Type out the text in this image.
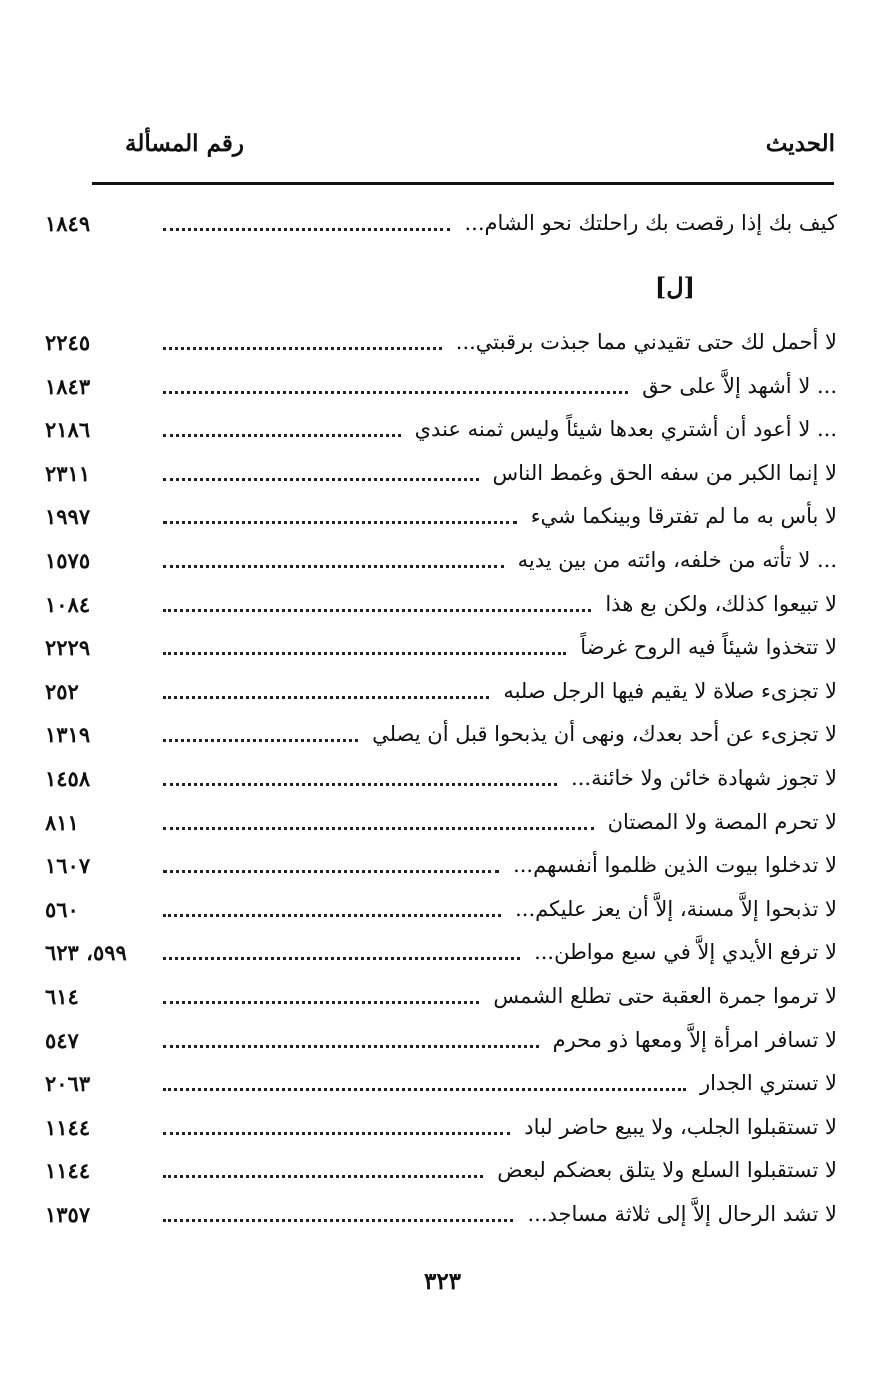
الحديث
رقم المسألة
كيف بك إذا رقصت بك راحلتك نحو الشام...
١٨٤٩
[ل]
لا أحمل لك حتى تقيدني مما جبذت برقبتي...
٢٢٤٥
... لا أشهد إلاَّ على حق
١٨٤٣
... لا أعود أن أشتري بعدها شيئاً وليس ثمنه عندي
٢١٨٦
لا إنما الكبر من سفه الحق وغمط الناس
٢٣١١
لا بأس به ما لم تفترقا وبينكما شيء
١٩٩٧
... لا تأته من خلفه، وائته من بين يديه
١٥٧٥
لا تبيعوا كذلك، ولكن بع هذا
١٠٨٤
لا تتخذوا شيئاً فيه الروح غرضاً
٢٢٢٩
لا تجزىء صلاة لا يقيم فيها الرجل صلبه
٢٥٢
لا تجزىء عن أحد بعدك، ونهى أن يذبحوا قبل أن يصلي
١٣١٩
لا تجوز شهادة خائن ولا خائنة...
١٤٥٨
لا تحرم المصة ولا المصتان
٨١١
لا تدخلوا بيوت الذين ظلموا أنفسهم...
١٦٠٧
لا تذبحوا إلاَّ مسنة، إلاَّ أن يعز عليكم...
٥٦٠
لا ترفع الأيدي إلاَّ في سبع مواطن...
٥٩٩، ٦٢٣
لا ترموا جمرة العقبة حتى تطلع الشمس
٦١٤
لا تسافر امرأة إلاَّ ومعها ذو محرم
٥٤٧
لا تستري الجدار
٢٠٦٣
لا تستقبلوا الجلب، ولا يبيع حاضر لباد
١١٤٤
لا تستقبلوا السلع ولا يتلق بعضكم لبعض
١١٤٤
لا تشد الرحال إلاَّ إلى ثلاثة مساجد...
١٣٥٧
٣٢٣
